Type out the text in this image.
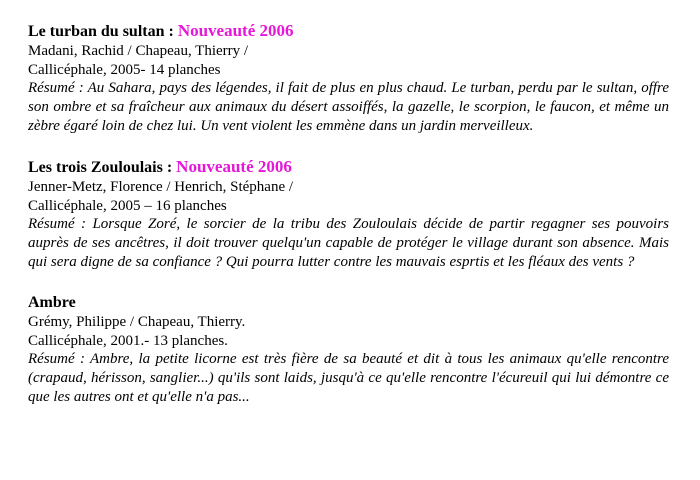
Le turban du sultan : Nouveauté 2006

Madani, Rachid / Chapeau, Thierry /

Callicéphale, 2005- 14 planches

Résumé : Au Sahara, pays des légendes, il fait de plus en plus chaud. Le turban, perdu par le sultan, offre son ombre et sa fraîcheur aux animaux du désert assoiffés, la gazelle, le scorpion, le faucon, et même un zèbre égaré loin de chez lui. Un vent violent les emmène dans un jardin merveilleux.

Les trois Zouloulais : Nouveauté 2006

Jenner-Metz, Florence / Henrich, Stéphane /

Callicéphale, 2005 – 16 planches

Résumé : Lorsque Zoré, le sorcier de la tribu des Zouloulais décide de partir regagner ses pouvoirs auprès de ses ancêtres, il doit trouver quelqu'un capable de protéger le village durant son absence. Mais qui sera digne de sa confiance ? Qui pourra lutter contre les mauvais esprtis et les fléaux des vents ?

Ambre

Grémy, Philippe / Chapeau, Thierry.

Callicéphale, 2001.- 13 planches.

Résumé : Ambre, la petite licorne est très fière de sa beauté et dit à tous les animaux qu'elle rencontre (crapaud, hérisson, sanglier...) qu'ils sont laids, jusqu'à ce qu'elle rencontre l'écureuil qui lui démontre ce que les autres ont et qu'elle n'a pas...
